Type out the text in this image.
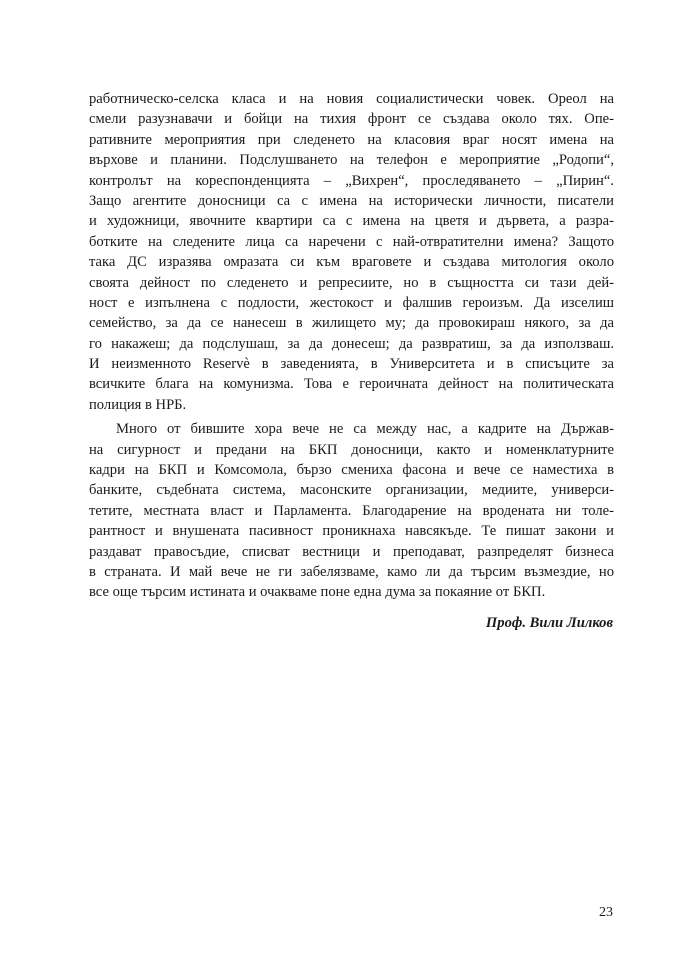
работническо-селска класа и на новия социалистически човек. Ореол на
смели разузнавачи и бойци на тихия фронт се създава около тях. Опе-
ративните мероприятия при следенето на класовия враг носят имена на
върхове и планини. Подслушването на телефон е мероприятие „Родопи“,
контролът на кореспонденцията – „Вихрен“, проследяването – „Пирин“.
Защо агентите доносници са с имена на исторически личности, писатели
и художници, явочните квартири са с имена на цветя и дървета, а разра-
ботките на следените лица са наречени с най-отвратителни имена? Защото
така ДС изразява омразата си към враговете и създава митология около
своята дейност по следенето и репресиите, но в същността си тази дей-
ност е изпълнена с подлости, жестокост и фалшив героизъм. Да изселиш
семейство, за да се нанесеш в жилището му; да провокираш някого, за да
го накажеш; да подслушаш, за да донесеш; да развратиш, за да използваш.
И неизменното Reservè в заведенията, в Университета и в списъците за
всичките блага на комунизма. Това е героичната дейност на политическата
полиция в НРБ.

Много от бившите хора вече не са между нас, а кадрите на Държав-
на сигурност и предани на БКП доносници, както и номенклатурните
кадри на БКП и Комсомола, бързо смениха фасона и вече се наместиха в
банките, съдебната система, масонските организации, медиите, универси-
тетите, местната власт и Парламента. Благодарение на вродената ни толе-
рантност и внушената пасивност проникнаха навсякъде. Те пишат закони и
раздават правосъдие, списват вестници и преподават, разпределят бизнеса
в страната. И май вече не ги забелязваме, камо ли да търсим възмездие, но
все още търсим истината и очакваме поне една дума за покаяние от БКП.

Проф. Вили Лилков
23
